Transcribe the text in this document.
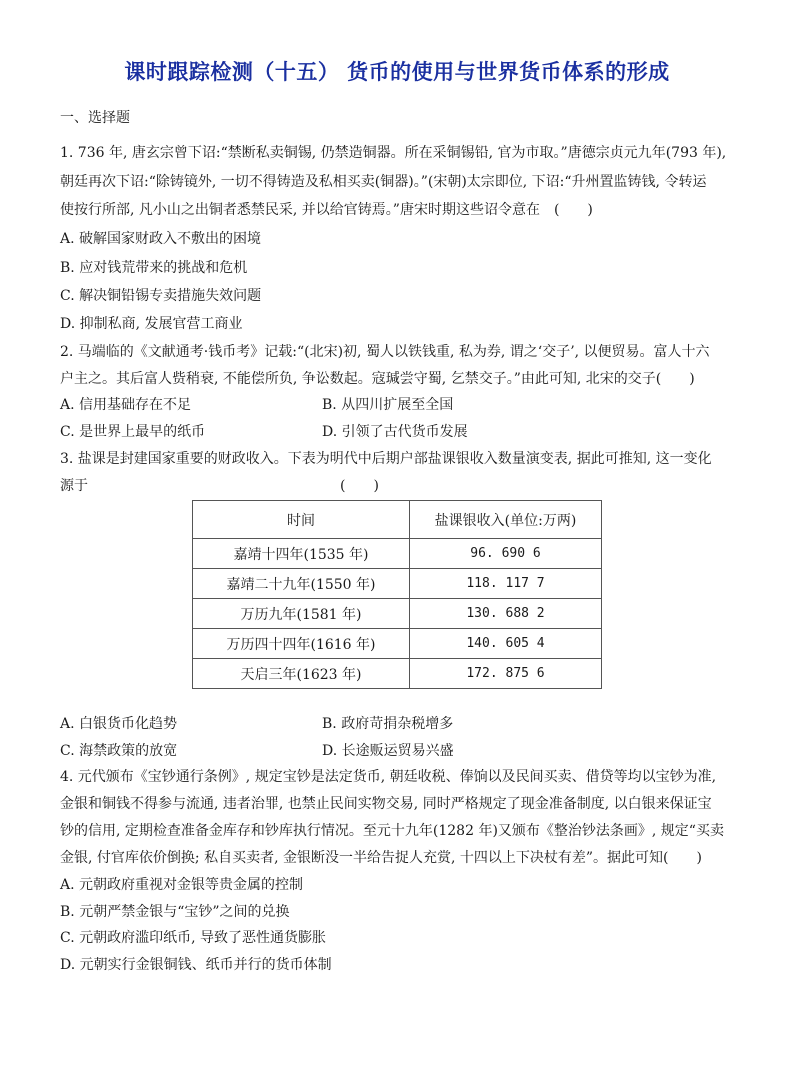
课时跟踪检测（十五） 货币的使用与世界货币体系的形成
一、选择题
1. 736 年, 唐玄宗曾下诏:“禁断私卖铜锡, 仍禁造铜器。所在采铜锡铅, 官为市取。”唐德宗贞元九年(793 年),
朝廷再次下诏:“除铸镜外, 一切不得铸造及私相买卖(铜器)。”(宋朝)太宗即位, 下诏:“升州置监铸钱, 令转运
使按行所部, 凡小山之出铜者悉禁民采, 并以给官铸焉。”唐宋时期这些诏令意在　(　　)
A. 破解国家财政入不敷出的困境
B. 应对钱荒带来的挑战和危机
C. 解决铜铅锡专卖措施失效问题
D. 抑制私商, 发展官营工商业
2. 马端临的《文献通考·钱币考》记载:“(北宋)初, 蜀人以铁钱重, 私为券, 谓之‘交子’, 以便贸易。富人十六
户主之。其后富人赀稍衰, 不能偿所负, 争讼数起。寇瑊尝守蜀, 乞禁交子。”由此可知, 北宋的交子(　　)
A. 信用基础存在不足	B. 从四川扩展至全国
C. 是世界上最早的纸币	D. 引领了古代货币发展
3. 盐课是封建国家重要的财政收入。下表为明代中后期户部盐课银收入数量演变表, 据此可推知, 这一变化
源于　　　　　　　　　　　　　　　　　　(　　)
时间	盐课银收入(单位:万两)
嘉靖十四年(1535 年)	96. 690 6
嘉靖二十九年(1550 年)	118. 117 7
万历九年(1581 年)	130. 688 2
万历四十四年(1616 年)	140. 605 4
天启三年(1623 年)	172. 875 6
A. 白银货币化趋势	B. 政府苛捐杂税增多
C. 海禁政策的放宽	D. 长途贩运贸易兴盛
4. 元代颁布《宝钞通行条例》, 规定宝钞是法定货币, 朝廷收税、俸饷以及民间买卖、借贷等均以宝钞为准,
金银和铜钱不得参与流通, 违者治罪, 也禁止民间实物交易, 同时严格规定了现金准备制度, 以白银来保证宝
钞的信用, 定期检查准备金库存和钞库执行情况。至元十九年(1282 年)又颁布《整治钞法条画》, 规定“买卖
金银, 付官库依价倒换; 私自买卖者, 金银断没一半给告捉人充赏, 十四以上下决杖有差”。据此可知(　　)
A. 元朝政府重视对金银等贵金属的控制
B. 元朝严禁金银与“宝钞”之间的兑换
C. 元朝政府滥印纸币, 导致了恶性通货膨胀
D. 元朝实行金银铜钱、纸币并行的货币体制
